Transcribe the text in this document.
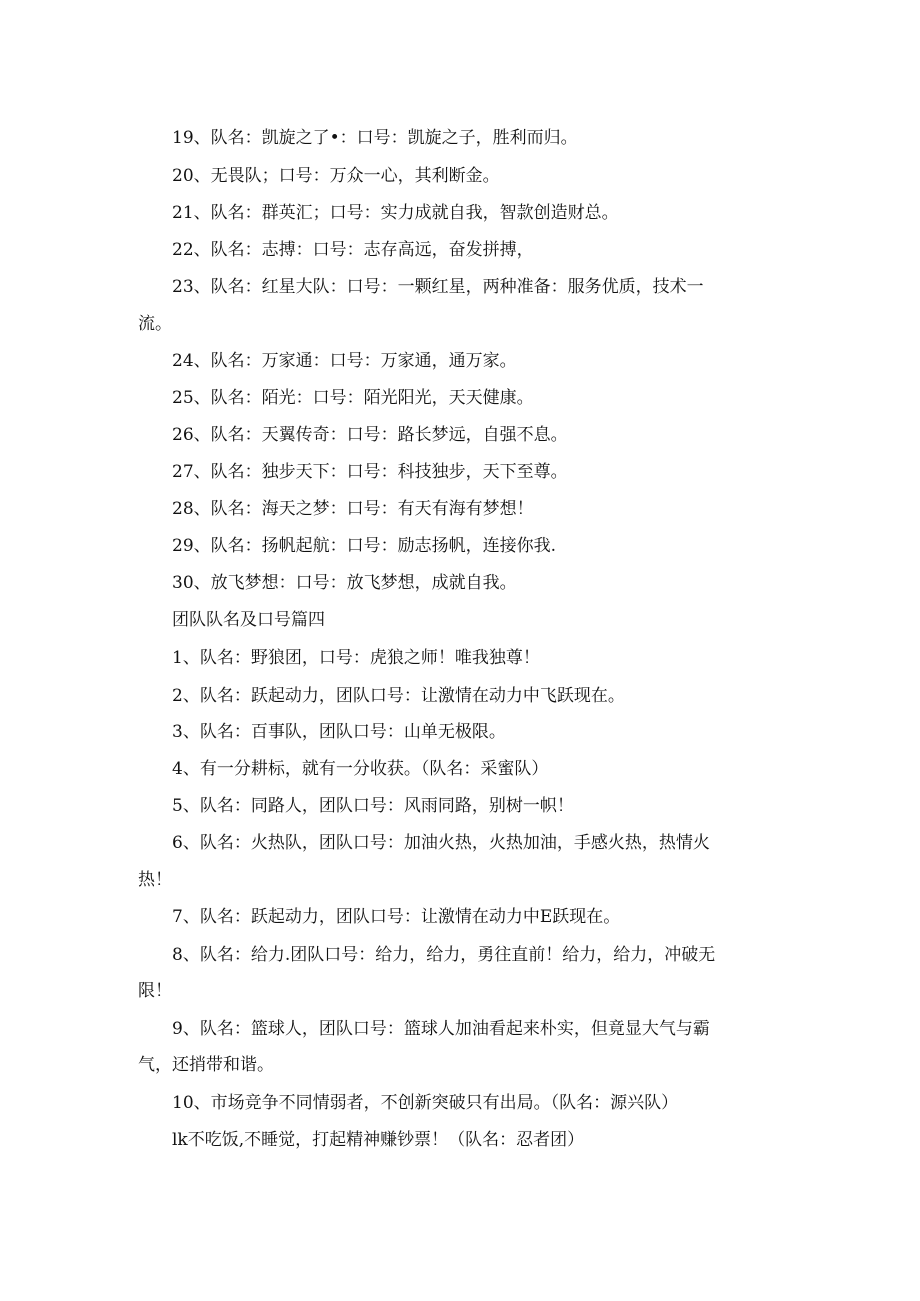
19、队名：凯旋之了•：口号：凯旋之子，胜利而归。
20、无畏队；口号：万众一心，其利断金。
21、队名：群英汇；口号：实力成就自我，智款创造财总。
22、队名：志搏：口号：志存高远，奋发拼搏，
23、队名：红星大队：口号：一颗红星，两种准备：服务优质，技术一
流。
24、队名：万家通：口号：万家通，通万家。
25、队名：陌光：口号：陌光阳光，天天健康。
26、队名：天翼传奇：口号：路长梦远，自强不息。
27、队名：独步天下：口号：科技独步，天下至尊。
28、队名：海天之梦：口号：有天有海有梦想！
29、队名：扬帆起航：口号：励志扬帆，连接你我.
30、放飞梦想：口号：放飞梦想，成就自我。
团队队名及口号篇四
1、队名：野狼团，口号：虎狼之师！唯我独尊！
2、队名：跃起动力，团队口号：让激情在动力中飞跃现在。
3、队名：百事队，团队口号：山单无极限。
4、有一分耕标，就有一分收获。（队名：采蜜队）
5、队名：同路人，团队口号：风雨同路，别树一帜！
6、队名：火热队，团队口号：加油火热，火热加油，手感火热，热情火
热！
7、队名：跃起动力，团队口号：让激情在动力中E跃现在。
8、队名：给力.团队口号：给力，给力，勇往直前！给力，给力，冲破无
限！
9、队名：篮球人，团队口号：篮球人加油看起来朴实，但竟显大气与霸
气，还捎带和谐。
10、市场竞争不同情弱者，不创新突破只有出局。（队名：源兴队）
lk不吃饭,不睡觉，打起精神赚钞票！（队名：忍者团）
